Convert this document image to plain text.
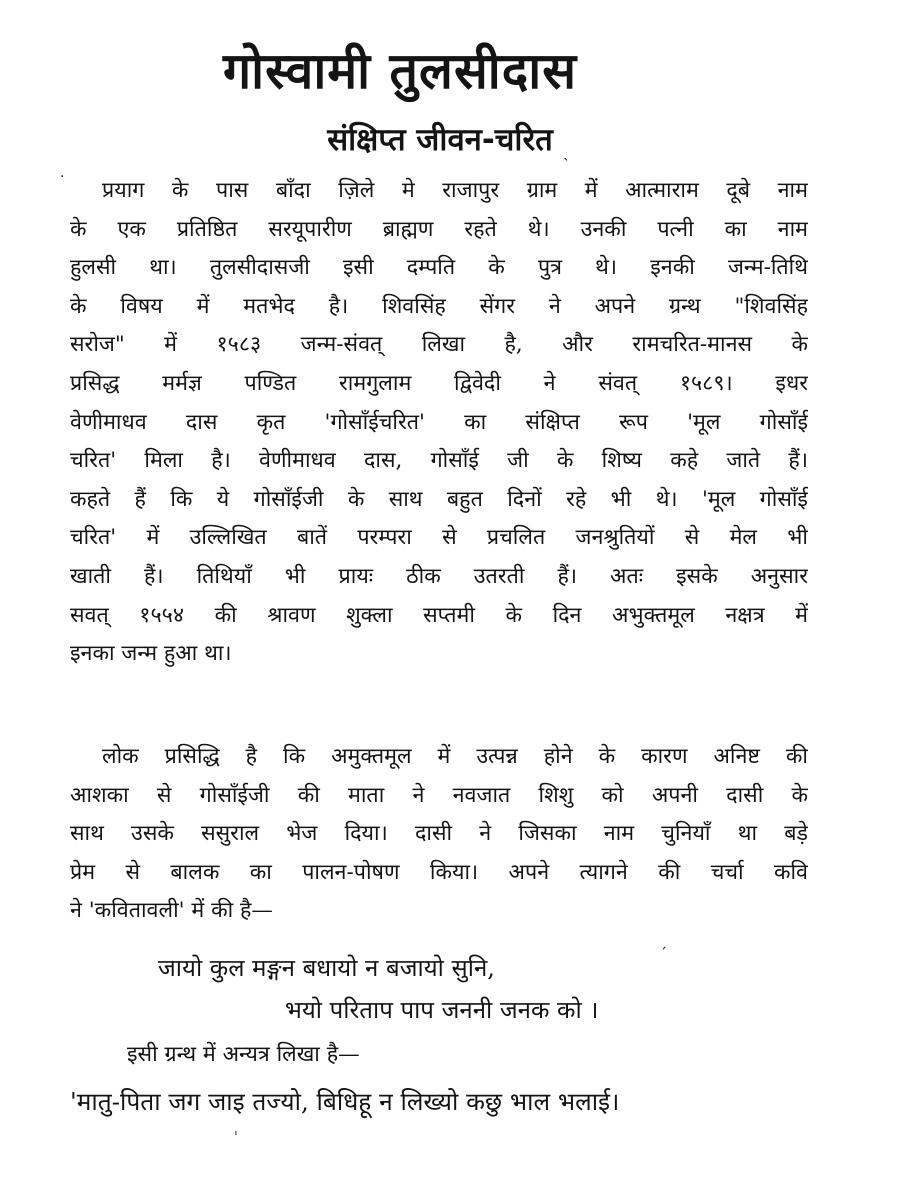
गोस्वामी तुलसीदास
संक्षिप्त जीवन-चरित ˎ
·
प्रयाग के पास बाँदा ज़िले मे राजापुर ग्राम में आत्माराम दूबे नाम
के एक प्रतिष्ठित सरयूपारीण ब्राह्मण रहते थे। उनकी पत्नी का नाम
हुलसी था। तुलसीदासजी इसी दम्पति के पुत्र थे। इनकी जन्म-तिथि
के विषय में मतभेद है। शिवसिंह सेंगर ने अपने ग्रन्थ "शिवसिंह
सरोज" में १५८३ जन्म-संवत् लिखा है, और रामचरित-मानस के
प्रसिद्ध मर्मज्ञ पण्डित रामगुलाम द्विवेदी ने संवत् १५८९। इधर
वेणीमाधव दास कृत 'गोसाँईचरित' का संक्षिप्त रूप 'मूल गोसाँई
चरित' मिला है। वेणीमाधव दास, गोसाँई जी के शिष्य कहे जाते हैं।
कहते हैं कि ये गोसाँईजी के साथ बहुत दिनों रहे भी थे। 'मूल गोसाँई
चरित' में उल्लिखित बातें परम्परा से प्रचलित जनश्रुतियों से मेल भी
खाती हैं। तिथियाँ भी प्रायः ठीक उतरती हैं। अतः इसके अनुसार
सवत् १५५४ की श्रावण शुक्ला सप्तमी के दिन अभुक्तमूल नक्षत्र में
इनका जन्म हुआ था।
लोक प्रसिद्धि है कि अमुक्तमूल में उत्पन्न होने के कारण अनिष्ट की
आशका से गोसाँईजी की माता ने नवजात शिशु को अपनी दासी के
साथ उसके ससुराल भेज दिया। दासी ने जिसका नाम चुनियाँ था बड़े
प्रेम से बालक का पालन-पोषण किया। अपने त्यागने की चर्चा कवि
ने 'कवितावली' में की है—
ˏ
जायो कुल मङ्गन बधायो न बजायो सुनि,
भयो परिताप पाप जननी जनक को ।
इसी ग्रन्थ में अन्यत्र लिखा है—
'मातु-पिता जग जाइ तज्यो, बिधिहू न लिख्यो कछु भाल भलाई।
ˌ
